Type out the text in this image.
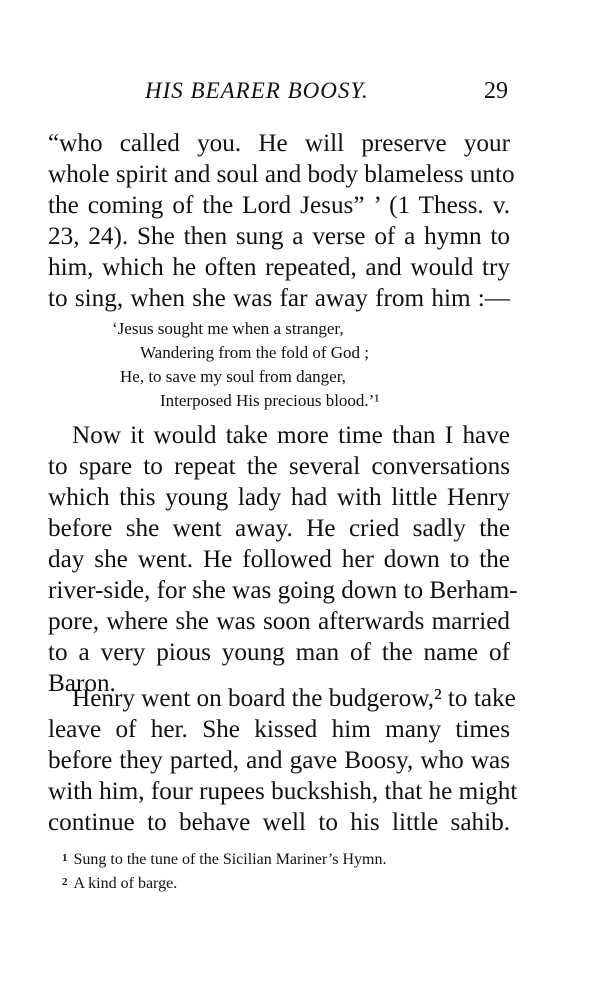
HIS BEARER BOOSY.	29
“who called you. He will preserve your
whole spirit and soul and body blameless unto
the coming of the Lord Jesus” ’ (1 Thess. v.
23, 24). She then sung a verse of a hymn to
him, which he often repeated, and would try
to sing, when she was far away from him :—
‘Jesus sought me when a stranger,
Wandering from the fold of God ;
He, to save my soul from danger,
Interposed His precious blood.’¹
Now it would take more time than I have
to spare to repeat the several conversations
which this young lady had with little Henry
before she went away. He cried sadly the
day she went. He followed her down to the
river-side, for she was going down to Berham-
pore, where she was soon afterwards married
to a very pious young man of the name of
Baron.
Henry went on board the budgerow,² to take
leave of her. She kissed him many times
before they parted, and gave Boosy, who was
with him, four rupees buckshish, that he might
continue to behave well to his little sahib.
$^1$ Sung to the tune of the Sicilian Mariner’s Hymn.
$^2$ A kind of barge.
